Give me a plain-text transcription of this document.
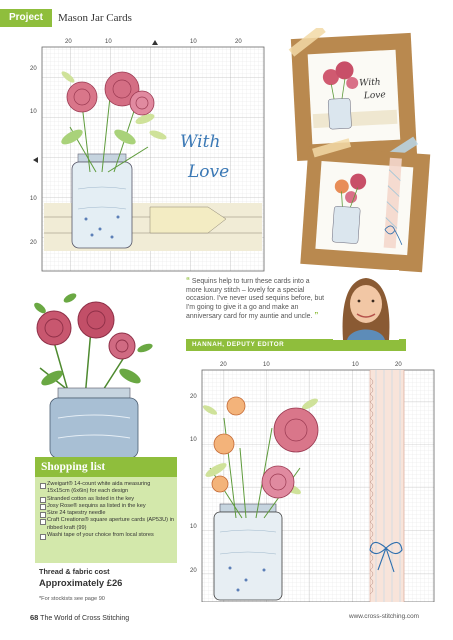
Project	Mason Jar Cards
20	10	10	20
20
10
10
20
With
Love
With
Love
“ Sequins help to turn these cards into a more luxury stitch – lovely for a special occasion. I've never used sequins before, but I'm going to give it a go and make an anniversary card for my auntie and uncle. ”
HANNAH, DEPUTY EDITOR
Zweigart® 14-count white aida measuring 15x15cm (6x6in) for each design
Stranded cotton as listed in the key
Josy Rose® sequins as listed in the key
Size 24 tapestry needle
Craft Creations® square aperture cards (AP53U) in ribbed kraft (99)
Washi tape of your choice from local stores
Shopping list
Thread & fabric cost
Approximately £26
*For stockists see page 90
20	10	10	20
20
10
10
20
68 The World of Cross Stitching	www.cross-stitching.com
